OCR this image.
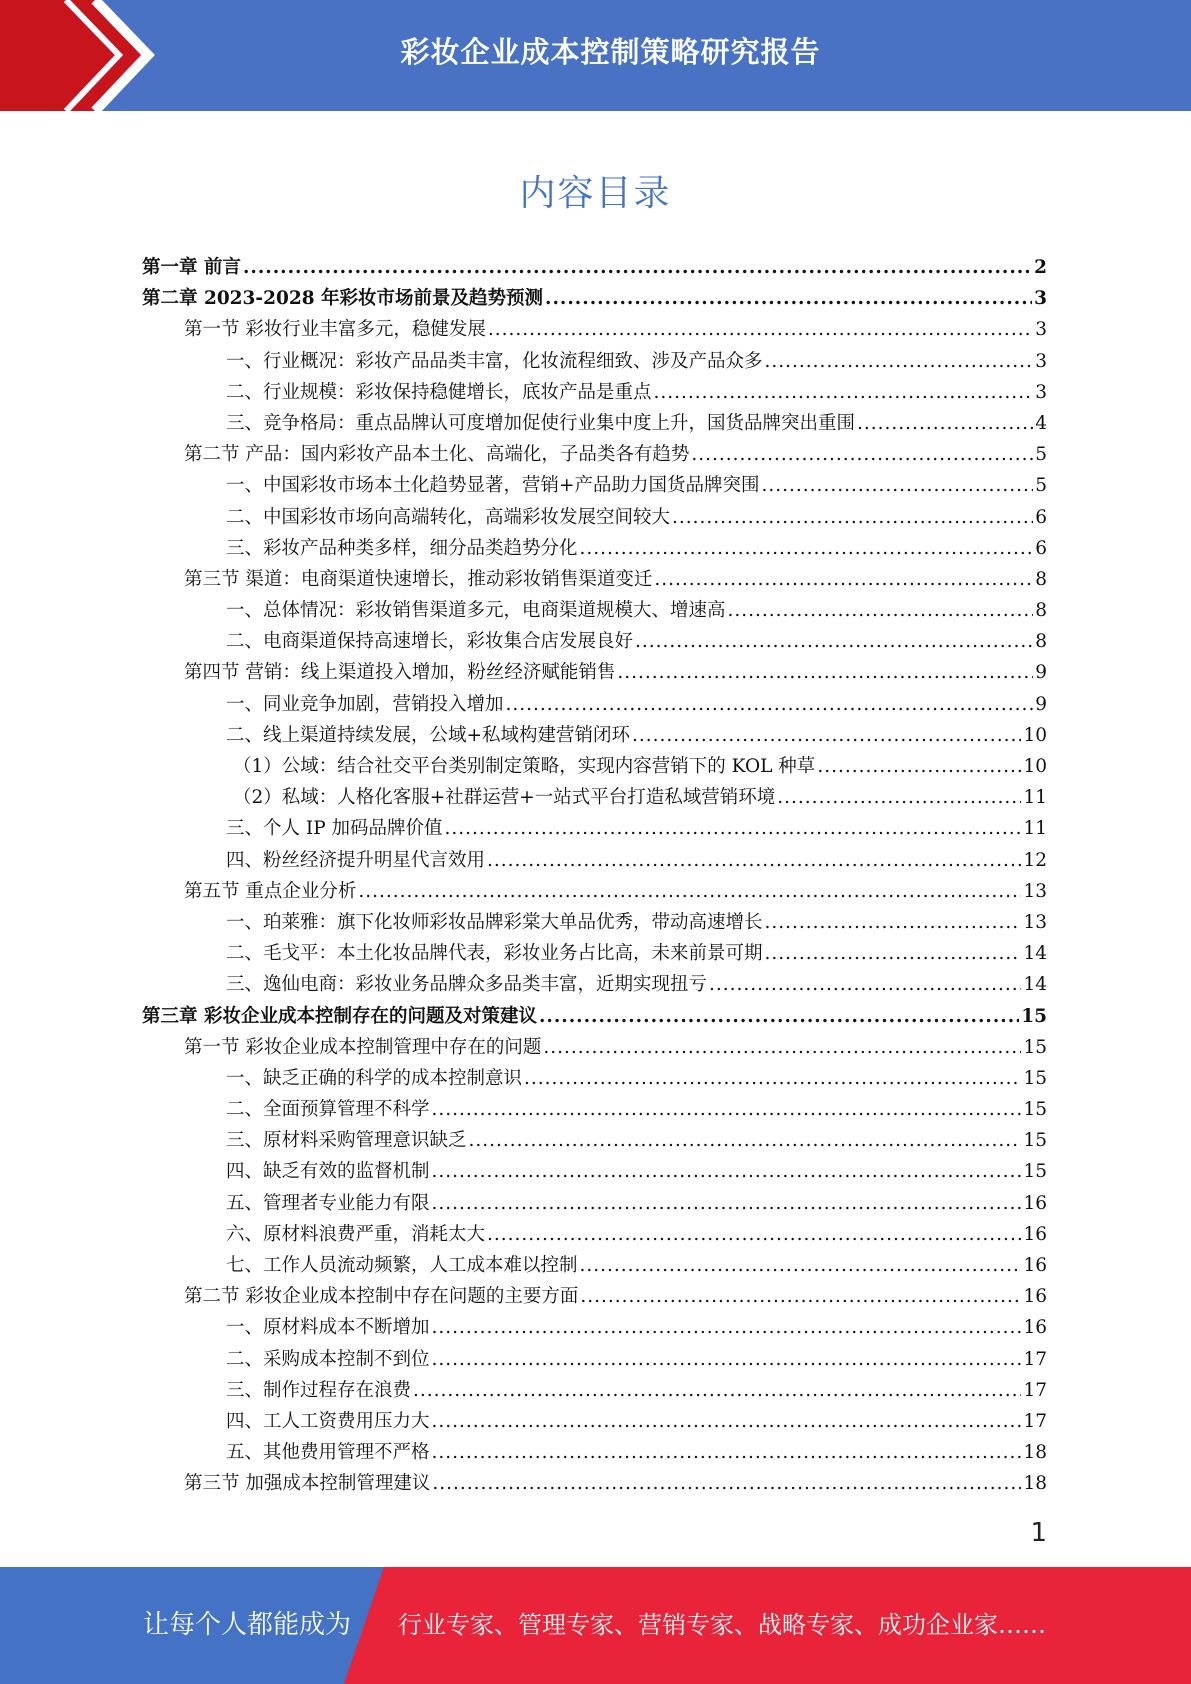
彩妆企业成本控制策略研究报告
内容目录
第一章 前言 .....	2
第二章 2023-2028 年彩妆市场前景及趋势预测 .....	3
第一节 彩妆行业丰富多元，稳健发展 .....	3
一、行业概况：彩妆产品品类丰富，化妆流程细致、涉及产品众多 .....	3
二、行业规模：彩妆保持稳健增长，底妆产品是重点 .....	3
三、竞争格局：重点品牌认可度增加促使行业集中度上升，国货品牌突出重围 .....	4
第二节 产品：国内彩妆产品本土化、高端化，子品类各有趋势 .....	5
一、中国彩妆市场本土化趋势显著，营销+产品助力国货品牌突围 .....	5
二、中国彩妆市场向高端转化，高端彩妆发展空间较大 .....	6
三、彩妆产品种类多样，细分品类趋势分化 .....	6
第三节 渠道：电商渠道快速增长，推动彩妆销售渠道变迁 .....	8
一、总体情况：彩妆销售渠道多元，电商渠道规模大、增速高 .....	8
二、电商渠道保持高速增长，彩妆集合店发展良好 .....	8
第四节 营销：线上渠道投入增加，粉丝经济赋能销售 .....	9
一、同业竞争加剧，营销投入增加 .....	9
二、线上渠道持续发展，公域+私域构建营销闭环 .....	10
（1）公域：结合社交平台类别制定策略，实现内容营销下的 KOL 种草 .....	10
（2）私域：人格化客服+社群运营+一站式平台打造私域营销环境 .....	11
三、个人 IP 加码品牌价值 .....	11
四、粉丝经济提升明星代言效用 .....	12
第五节 重点企业分析 .....	13
一、珀莱雅：旗下化妆师彩妆品牌彩棠大单品优秀，带动高速增长 .....	13
二、毛戈平：本土化妆品牌代表，彩妆业务占比高，未来前景可期 .....	14
三、逸仙电商：彩妆业务品牌众多品类丰富，近期实现扭亏 .....	14
第三章 彩妆企业成本控制存在的问题及对策建议 .....	15
第一节 彩妆企业成本控制管理中存在的问题 .....	15
一、缺乏正确的科学的成本控制意识 .....	15
二、全面预算管理不科学 .....	15
三、原材料采购管理意识缺乏 .....	15
四、缺乏有效的监督机制 .....	15
五、管理者专业能力有限 .....	16
六、原材料浪费严重，消耗太大 .....	16
七、工作人员流动频繁，人工成本难以控制 .....	16
第二节 彩妆企业成本控制中存在问题的主要方面 .....	16
一、原材料成本不断增加 .....	16
二、采购成本控制不到位 .....	17
三、制作过程存在浪费 .....	17
四、工人工资费用压力大 .....	17
五、其他费用管理不严格 .....	18
第三节 加强成本控制管理建议 .....	18
1
让每个人都能成为 行业专家、管理专家、营销专家、战略专家、成功企业家……
